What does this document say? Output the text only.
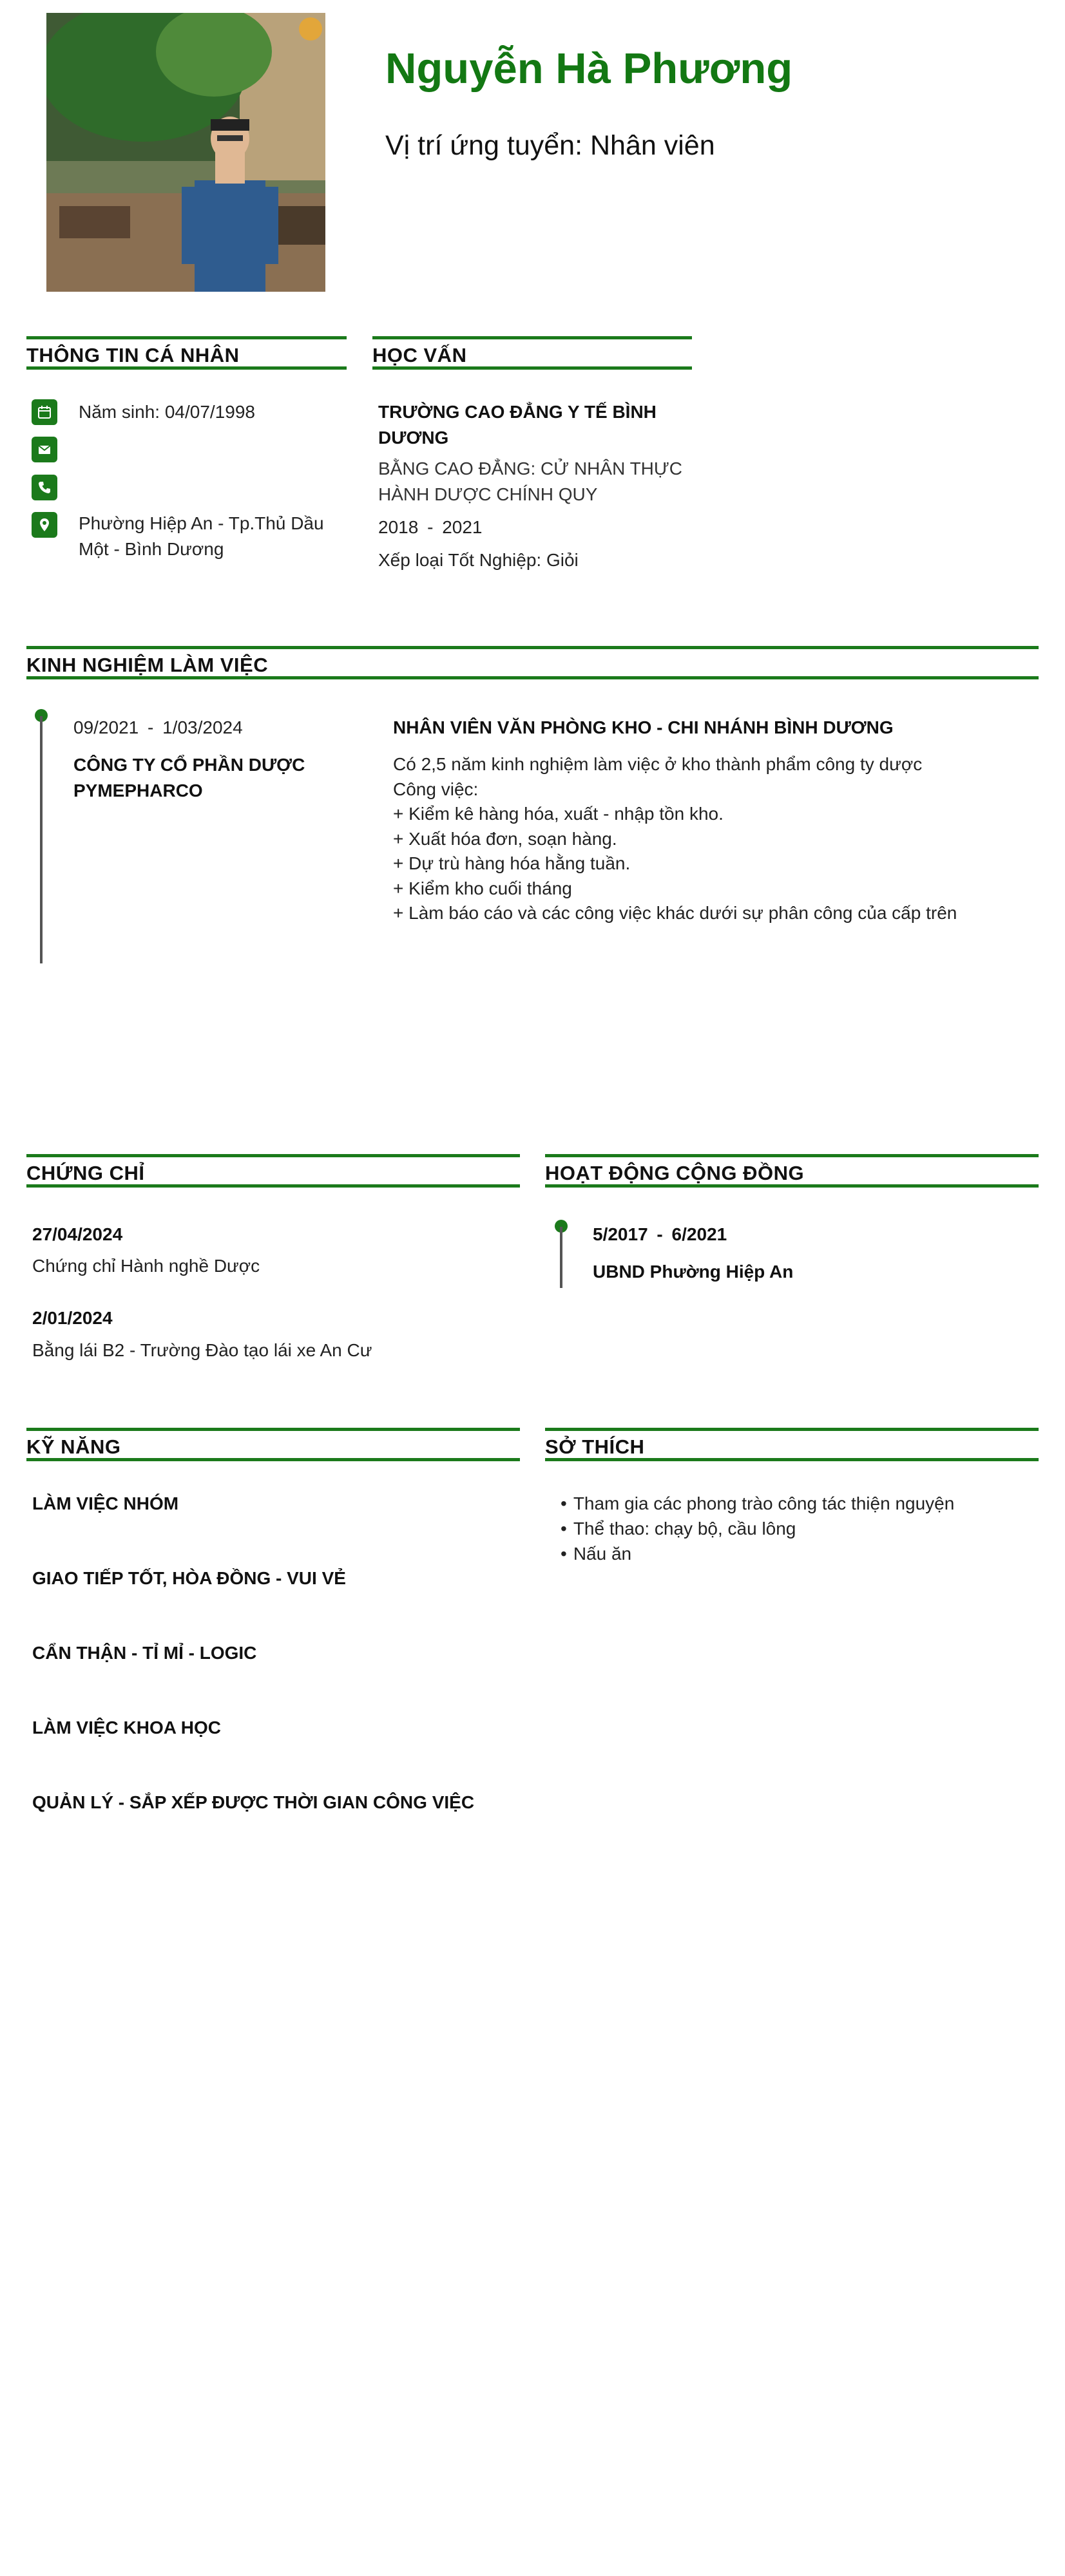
Nguyễn Hà Phương
Vị trí ứng tuyển: Nhân viên
THÔNG TIN CÁ NHÂN
Năm sinh: 04/07/1998
Phường Hiệp An - Tp.Thủ Dầu
Một - Bình Dương
HỌC VẤN
TRƯỜNG CAO ĐẲNG Y TẾ BÌNH
DƯƠNG
BẰNG CAO ĐẲNG: CỬ NHÂN THỰC
HÀNH DƯỢC CHÍNH QUY
2018 - 2021
Xếp loại Tốt Nghiệp: Giỏi
KINH NGHIỆM LÀM VIỆC
09/2021 - 1/03/2024
CÔNG TY CỔ PHẦN DƯỢC
PYMEPHARCO
NHÂN VIÊN VĂN PHÒNG KHO - CHI NHÁNH BÌNH DƯƠNG
Có 2,5 năm kinh nghiệm làm việc ở kho thành phẩm công ty dược
Công việc:
+ Kiểm kê hàng hóa, xuất - nhập tồn kho.
+ Xuất hóa đơn, soạn hàng.
+ Dự trù hàng hóa hằng tuần.
+ Kiểm kho cuối tháng
+ Làm báo cáo và các công việc khác dưới sự phân công của cấp trên
CHỨNG CHỈ
27/04/2024
Chứng chỉ Hành nghề Dược
2/01/2024
Bằng lái B2 - Trường Đào tạo lái xe An Cư
HOẠT ĐỘNG CỘNG ĐỒNG
5/2017 - 6/2021
UBND Phường Hiệp An
KỸ NĂNG
LÀM VIỆC NHÓM
GIAO TIẾP TỐT, HÒA ĐỒNG - VUI VẺ
CẨN THẬN - TỈ MỈ - LOGIC
LÀM VIỆC KHOA HỌC
QUẢN LÝ - SẮP XẾP ĐƯỢC THỜI GIAN CÔNG VIỆC
SỞ THÍCH
• Tham gia các phong trào công tác thiện nguyện
• Thể thao: chạy bộ, cầu lông
• Nấu ăn
